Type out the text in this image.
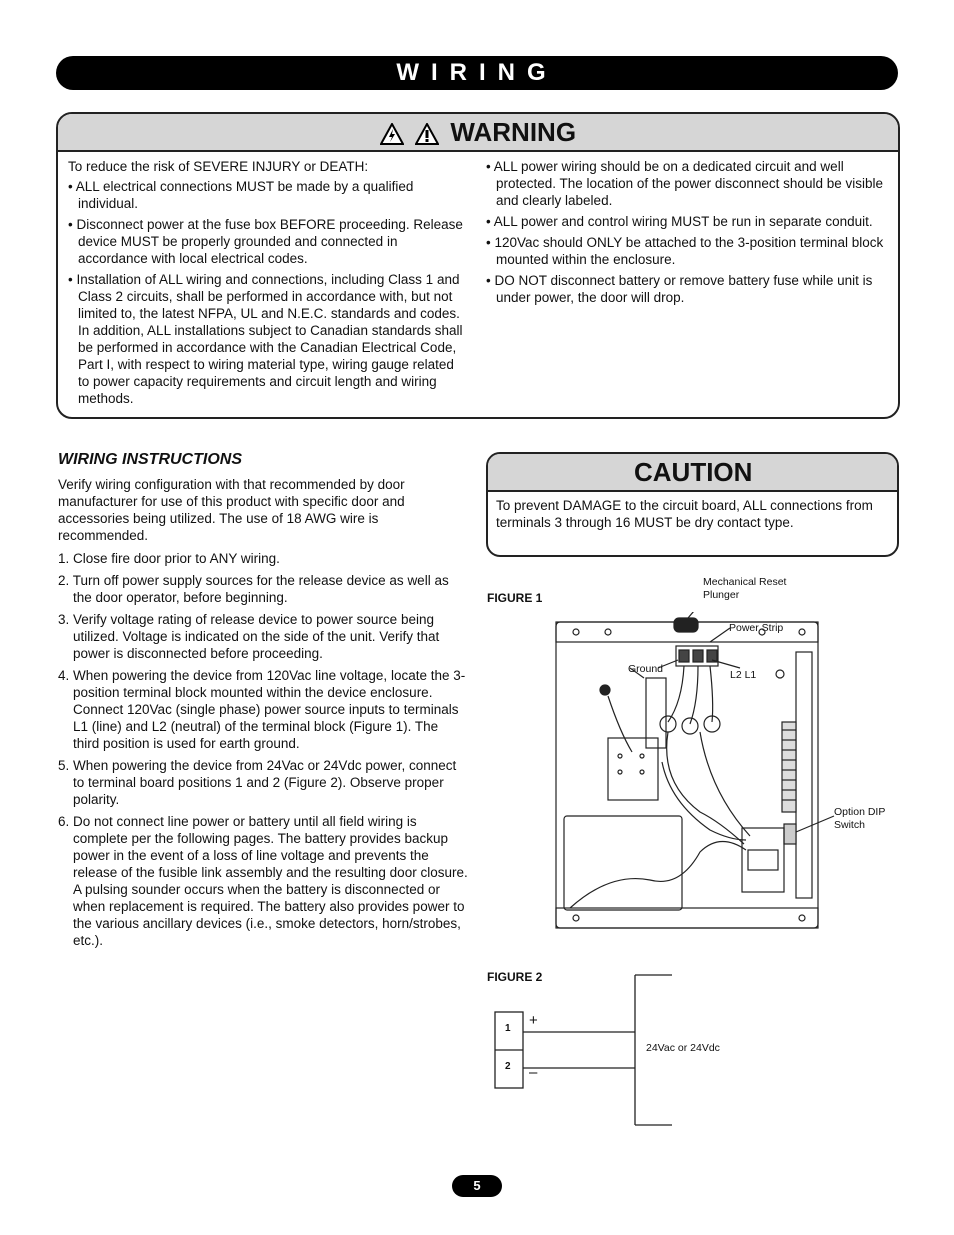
WIRING
WARNING

To reduce the risk of SEVERE INJURY or DEATH:

• ALL electrical connections MUST be made by a qualified individual.

• Disconnect power at the fuse box BEFORE proceeding. Release device MUST be properly grounded and connected in accordance with local electrical codes.

• Installation of ALL wiring and connections, including Class 1 and Class 2 circuits, shall be performed in accordance with, but not limited to, the latest NFPA, UL and N.E.C. standards and codes. In addition, ALL installations subject to Canadian standards shall be performed in accordance with the Canadian Electrical Code, Part I, with respect to wiring material type, wiring gauge related to power capacity requirements and circuit length and wiring methods.

• ALL power wiring should be on a dedicated circuit and well protected. The location of the power disconnect should be visible and clearly labeled.

• ALL power and control wiring MUST be run in separate conduit.

• 120Vac should ONLY be attached to the 3-position terminal block mounted within the enclosure.

• DO NOT disconnect battery or remove battery fuse while unit is under power, the door will drop.

WIRING INSTRUCTIONS

Verify wiring configuration with that recommended by door manufacturer for use of this product with specific door and accessories being utilized. The use of 18 AWG wire is recommended.

1. Close fire door prior to ANY wiring.

2. Turn off power supply sources for the release device as well as the door operator, before beginning.

3. Verify voltage rating of release device to power source being utilized. Voltage is indicated on the side of the unit. Verify that power is disconnected before proceeding.

4. When powering the device from 120Vac line voltage, locate the 3-position terminal block mounted within the device enclosure. Connect 120Vac (single phase) power source inputs to terminals L1 (line) and L2 (neutral) of the terminal block (Figure 1). The third position is used for earth ground.

5. When powering the device from 24Vac or 24Vdc power, connect to terminal board positions 1 and 2 (Figure 2). Observe proper polarity.

6. Do not connect line power or battery until all field wiring is complete per the following pages. The battery provides backup power in the event of a loss of line voltage and prevents the release of the fusible link assembly and the resulting door closure. A pulsing sounder occurs when the battery is disconnected or when replacement is required. The battery also provides power to the various ancillary devices (i.e., smoke detectors, horn/strobes, etc.).

CAUTION
To prevent DAMAGE to the circuit board, ALL connections from terminals 3 through 16 MUST be dry contact type.
FIGURE 1
Mechanical Reset
Plunger
Power Strip
Ground	L2 L1
Option DIP
Switch
FIGURE 2
1
2
+
–
24Vac or 24Vdc
5
